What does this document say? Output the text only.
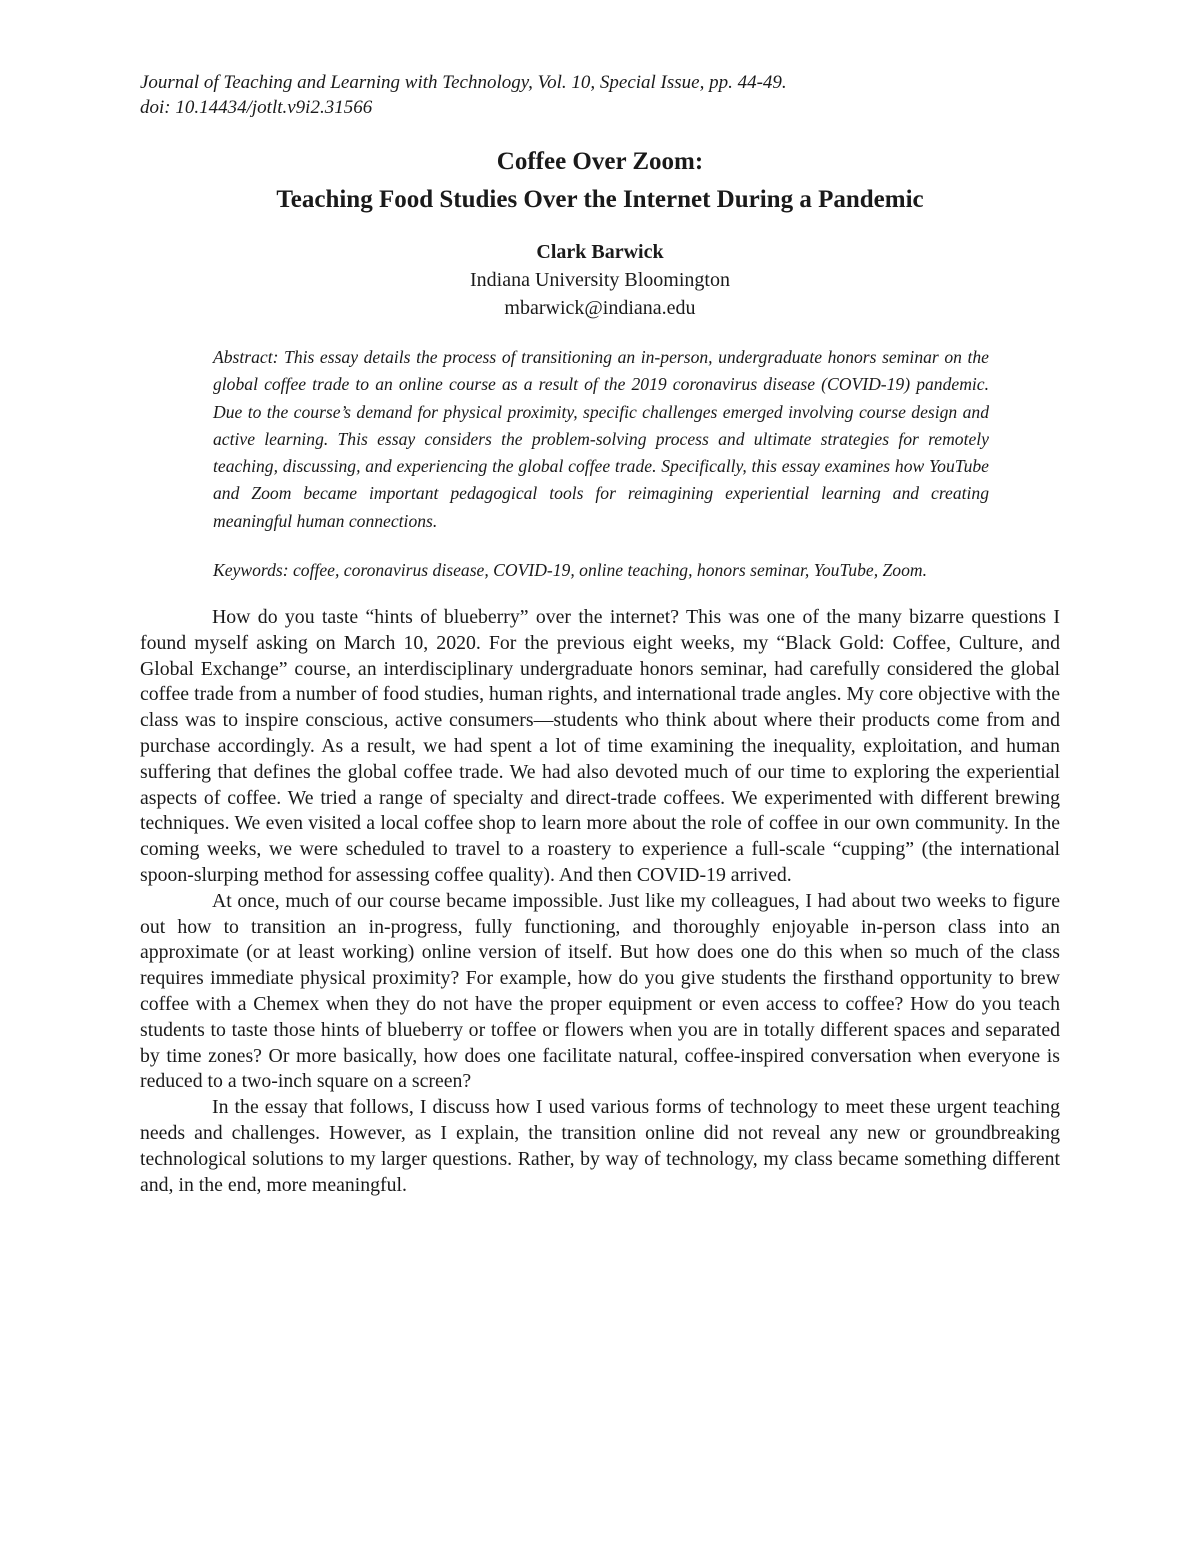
Journal of Teaching and Learning with Technology, Vol. 10, Special Issue, pp. 44-49.
doi: 10.14434/jotlt.v9i2.31566
Coffee Over Zoom:
Teaching Food Studies Over the Internet During a Pandemic
Clark Barwick
Indiana University Bloomington
mbarwick@indiana.edu
Abstract: This essay details the process of transitioning an in-person, undergraduate honors seminar on the global coffee trade to an online course as a result of the 2019 coronavirus disease (COVID-19) pandemic. Due to the course’s demand for physical proximity, specific challenges emerged involving course design and active learning. This essay considers the problem-solving process and ultimate strategies for remotely teaching, discussing, and experiencing the global coffee trade. Specifically, this essay examines how YouTube and Zoom became important pedagogical tools for reimagining experiential learning and creating meaningful human connections.
Keywords: coffee, coronavirus disease, COVID-19, online teaching, honors seminar, YouTube, Zoom.

How do you taste “hints of blueberry” over the internet? This was one of the many bizarre questions I found myself asking on March 10, 2020. For the previous eight weeks, my “Black Gold: Coffee, Culture, and Global Exchange” course, an interdisciplinary undergraduate honors seminar, had carefully considered the global coffee trade from a number of food studies, human rights, and international trade angles. My core objective with the class was to inspire conscious, active consumers—students who think about where their products come from and purchase accordingly. As a result, we had spent a lot of time examining the inequality, exploitation, and human suffering that defines the global coffee trade. We had also devoted much of our time to exploring the experiential aspects of coffee. We tried a range of specialty and direct-trade coffees. We experimented with different brewing techniques. We even visited a local coffee shop to learn more about the role of coffee in our own community. In the coming weeks, we were scheduled to travel to a roastery to experience a full-scale “cupping” (the international spoon-slurping method for assessing coffee quality). And then COVID-19 arrived.

At once, much of our course became impossible. Just like my colleagues, I had about two weeks to figure out how to transition an in-progress, fully functioning, and thoroughly enjoyable in-person class into an approximate (or at least working) online version of itself. But how does one do this when so much of the class requires immediate physical proximity? For example, how do you give students the firsthand opportunity to brew coffee with a Chemex when they do not have the proper equipment or even access to coffee? How do you teach students to taste those hints of blueberry or toffee or flowers when you are in totally different spaces and separated by time zones? Or more basically, how does one facilitate natural, coffee-inspired conversation when everyone is reduced to a two-inch square on a screen?

In the essay that follows, I discuss how I used various forms of technology to meet these urgent teaching needs and challenges. However, as I explain, the transition online did not reveal any new or groundbreaking technological solutions to my larger questions. Rather, by way of technology, my class became something different and, in the end, more meaningful.
